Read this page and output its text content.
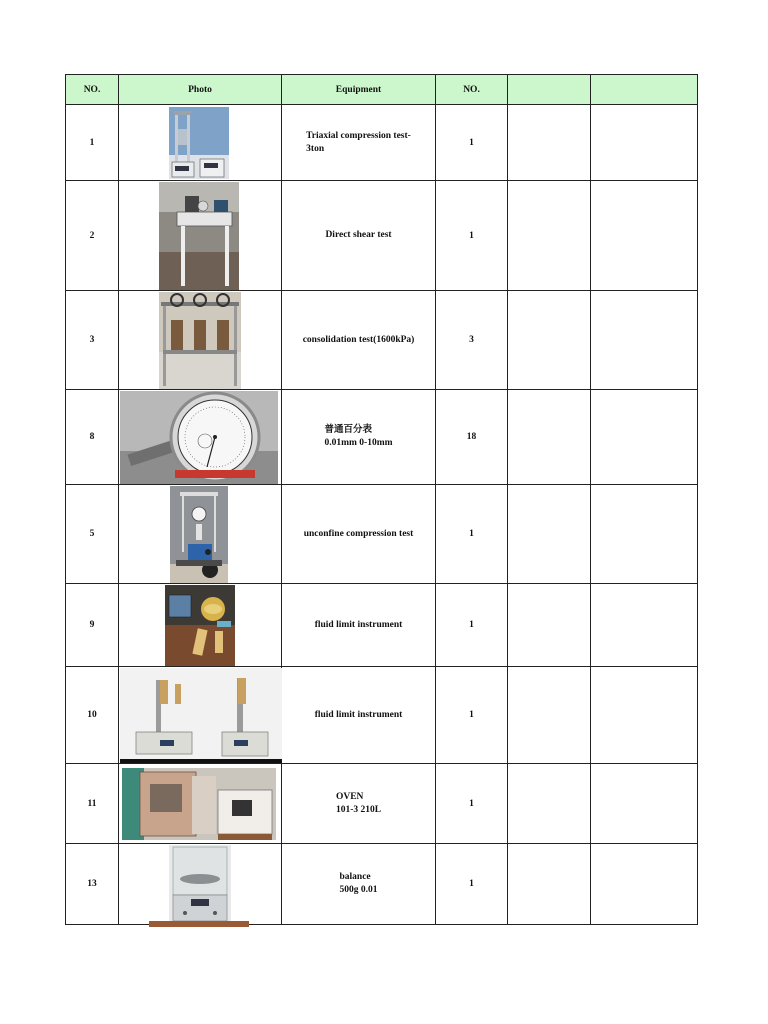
NO.	Photo	Equipment	NO.		
1		Triaxial compression test-
3ton	1		
2		Direct shear test	1		
3		consolidation test(1600kPa)	3		
8		普通百分表
0.01mm 0-10mm	18		
5		unconfine compression test	1		
9		fluid limit instrument	1		
10		fluid limit instrument	1		
11		OVEN
101-3 210L	1		
13		balance
500g 0.01	1		
